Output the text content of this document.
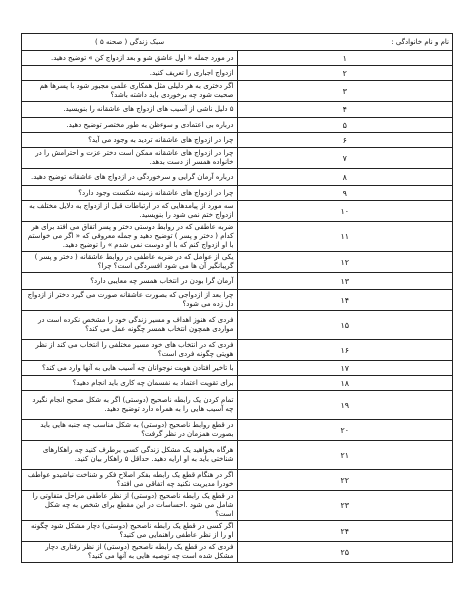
نام و نام خانوادگی :
سبک زندگی ( صحنه ۵ )	

۱	در مورد جمله « اول عاشق شو و بعد ازدواج کن » توضیح دهید.
۲	ازدواج اجباری را تعریف کنید.
۳	اگر دختری به هر دلیلی مثل همکاری علمی مجبور شود با پسرها هم صحبت شود چه برخوردی باید داشته باشد؟
۴	۵ دلیل ناشی از آسیب های ازدواج های عاشقانه را بنویسید.
۵	درباره بی اعتمادی و سوءظن به طور مختصر توضیح دهید.
۶	چرا در ازدواج های عاشقانه تردید به وجود می آید؟
۷	چرا در ازدواج های عاشقانه ممکن است دختر عزت و احترامش را در خانواده همسر از دست بدهد.
۸	درباره آرمان گرایی و سرخوردگی در ازدواج های عاشقانه توضیح دهید.
۹	چرا در ازدواج های عاشقانه زمینه شکست وجود دارد؟
۱۰	سه مورد از پیامدهایی که در ارتباطات قبل از ازدواج به دلایل مختلف به ازدواج ختم نمی شود را بنویسید.
۱۱	ضربه عاطفی که در روابط دوستی دختر و پسر اتفاق می افتد برای هر کدام ( دختر و پسر ) توضیح دهید و جمله معروفی که « اگر می خواستم با او ازدواج کنم که با او دوست نمی شدم » را توضیح دهید.
۱۲	یکی از عوامل که در ضربه عاطفی در روابط عاشقانه ( دختر و پسر ) گریبانگیر آن ها می شود افسردگی است؟ چرا؟
۱۳	آرمان گرا بودن در انتخاب همسر چه معایبی دارد؟
۱۴	چرا بعد از ازدواجی که بصورت عاشقانه صورت می گیرد دختر از ازدواج دل زده می شود؟
۱۵	فردی که هنوز اهداف و مسیر زندگی خود را مشخص نکرده است در مواردی همچون انتخاب همسر چگونه عمل می کند؟
۱۶	فردی که در انتخاب های خود مسیر مختلفی را انتخاب می کند از نظر هویتی چگونه فردی است؟
۱۷	با تاخیر افتادن هویت نوجوانان چه آسیب هایی به آنها وارد می کند؟
۱۸	برای تقویت اعتماد به نفسمان چه کاری باید انجام دهید؟
۱۹	تمام کردن یک رابطه ناصحیح (دوستی) اگر به شکل صحیح انجام نگیرد چه آسیب هایی را به همراه دارد توضیح دهید.
۲۰	در قطع روابط ناصحیح (دوستی) به شکل مناسب چه جنبه هایی باید بصورت همزمان در نظر گرفت؟
۲۱	هرگاه بخواهید یک مشکل زندگی کسی برطرف کنید چه راهکارهای شناختی باید به او ارایه دهید. حداقل ۵ راهکار بیان کنید.
۲۲	اگر در هنگام قطع یک رابطه بفکر اصلاح فکر و شناخت نباشیدو عواطف خودرا مدیریت نکنید چه اتفاقی می افتد؟
۲۳	در قطع یک رابطه ناصحیح (دوستی) از نظر عاطفی مراحل متفاوتی را شامل می شود .احساسات در این مقطع برای شخص به چه شکل است؟
۲۴	اگر کسی در قطع یک رابطه ناصحیح (دوستی) دچار مشکل شود چگونه او را از نظر عاطفی راهنمایی می کنید؟
۲۵	فردی که در قطع یک رابطه ناصحیح (دوستی) از نظر رفتاری دچار مشکل شده است چه توصیه هایی به آنها می کنید؟
